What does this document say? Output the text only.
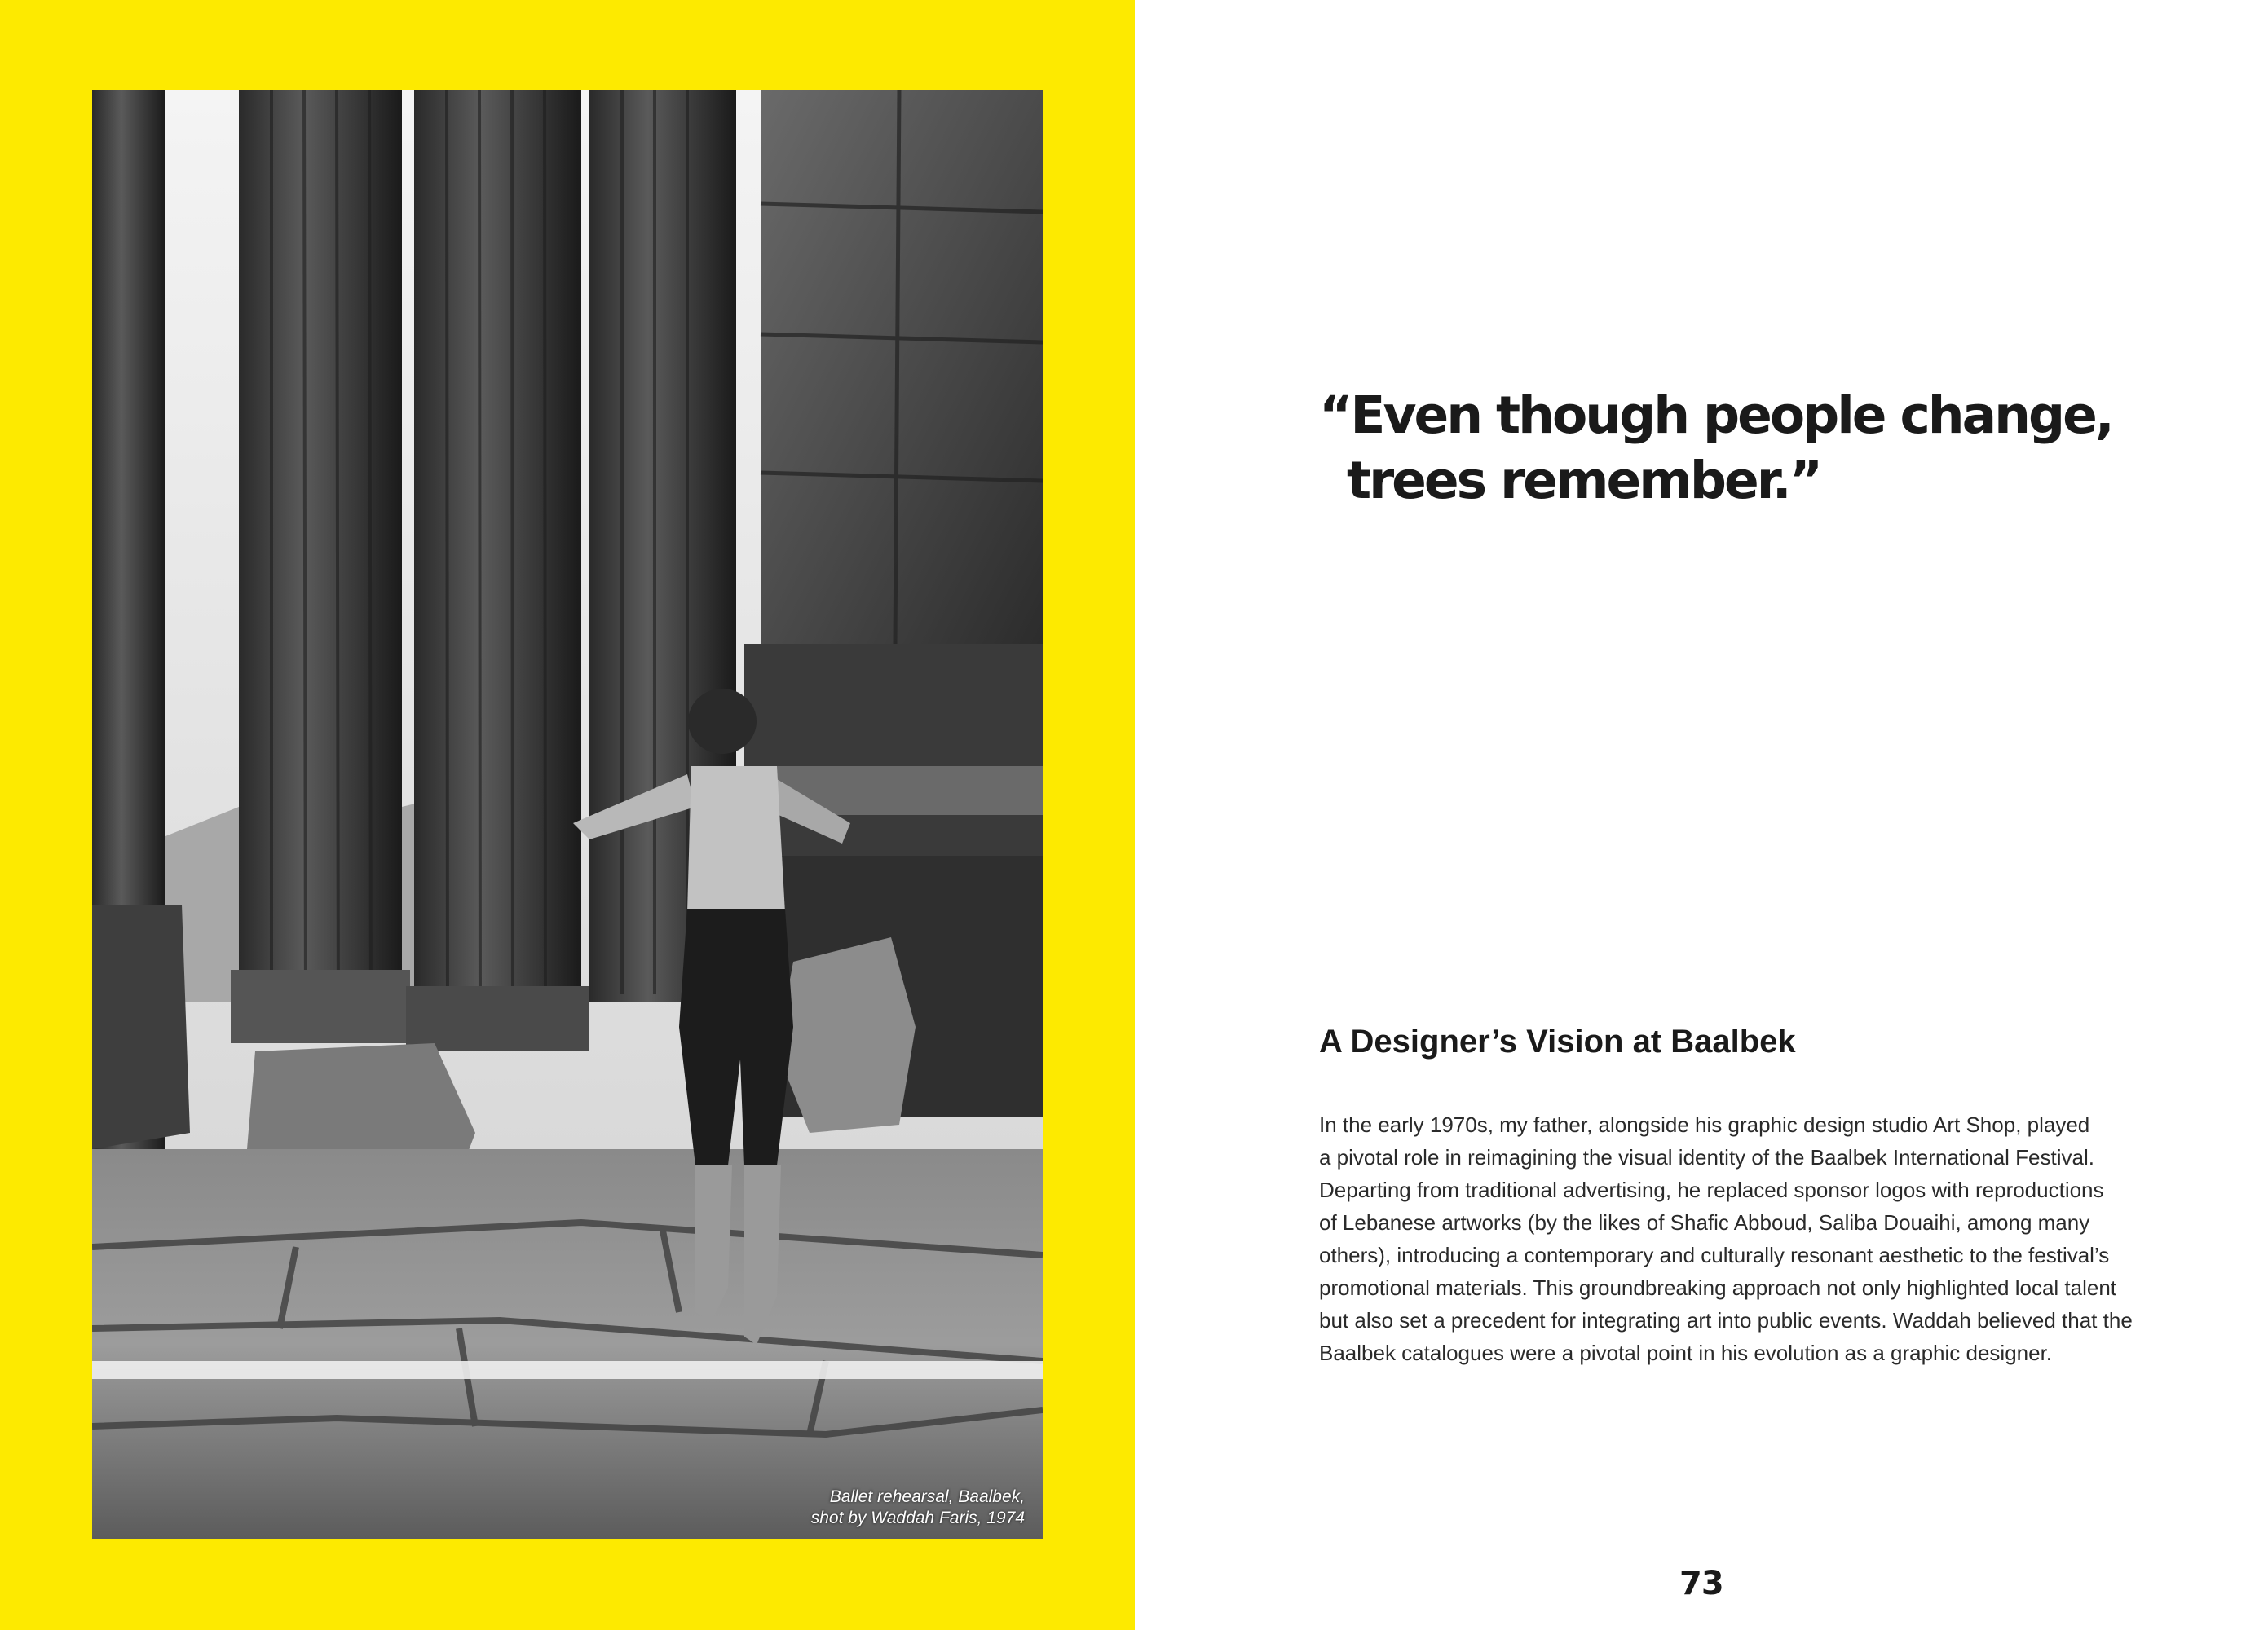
Ballet rehearsal, Baalbek,
shot by Waddah Faris, 1974
“Even though people change,
trees remember.”
A Designer’s Vision at Baalbek
In the early 1970s, my father, alongside his graphic design studio Art Shop, played
a pivotal role in reimagining the visual identity of the Baalbek International Festival.
Departing from traditional advertising, he replaced sponsor logos with reproductions
of Lebanese artworks (by the likes of Shafic Abboud, Saliba Douaihi, among many
others), introducing a contemporary and culturally resonant aesthetic to the festival’s
promotional materials. This groundbreaking approach not only highlighted local talent
but also set a precedent for integrating art into public events. Waddah believed that the
Baalbek catalogues were a pivotal point in his evolution as a graphic designer.
73
